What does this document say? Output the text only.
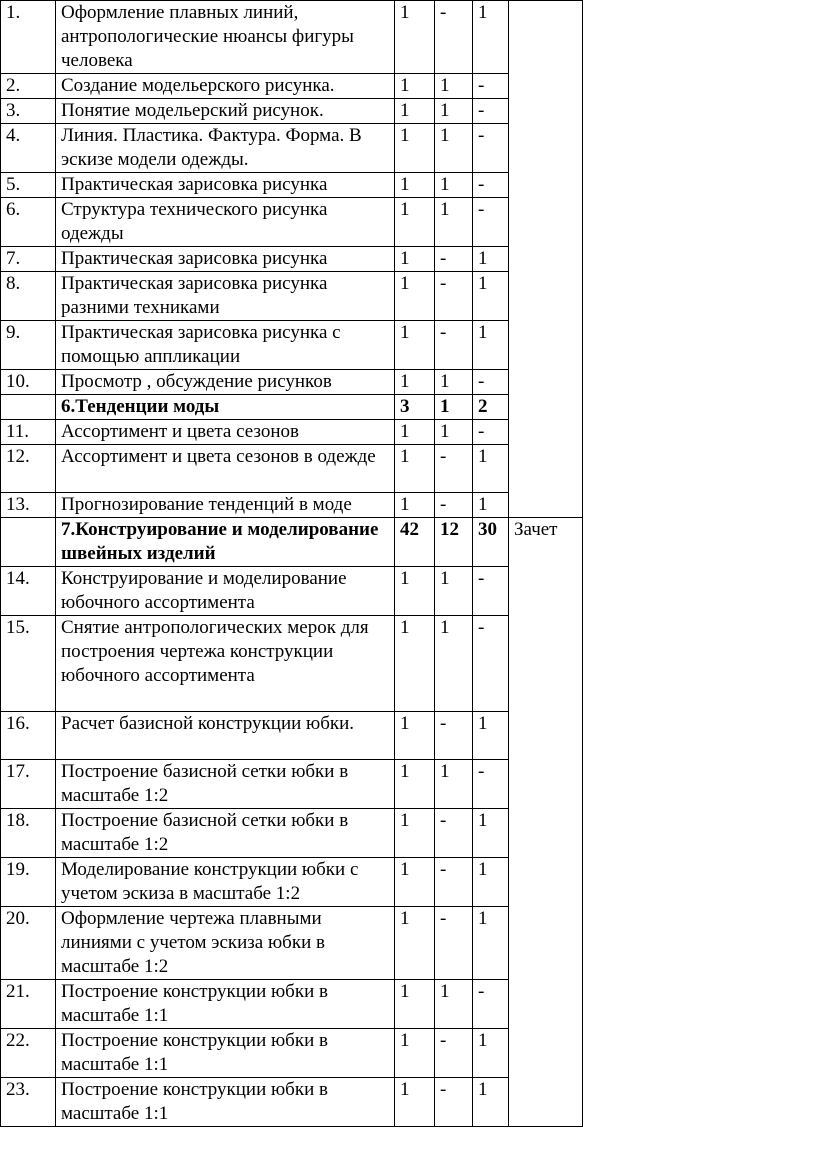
1.	Оформление плавных линий, антропологические нюансы фигуры человека	1	-	1	
2.	Создание модельерского рисунка.	1	1	-	
3.	Понятие модельерский рисунок.	1	1	-	
4.	Линия. Пластика. Фактура. Форма. В эскизе модели одежды.	1	1	-	
5.	Практическая зарисовка рисунка	1	1	-	
6.	Структура технического рисунка одежды	1	1	-	
7.	Практическая зарисовка рисунка	1	-	1	
8.	Практическая зарисовка рисунка разними техниками	1	-	1	
9.	Практическая зарисовка рисунка с помощью аппликации	1	-	1	
10.	Просмотр , обсуждение рисунков	1	1	-	
	6.Тенденции моды	3	1	2	
11.	Ассортимент и цвета сезонов	1	1	-	
12.	Ассортимент и цвета сезонов в одежде	1	-	1	
13.	Прогнозирование тенденций в моде	1	-	1	
	7.Конструирование и моделирование швейных изделий	42	12	30	Зачет
14.	Конструирование и моделирование юбочного ассортимента	1	1	-	
15.	Снятие антропологических мерок для построения чертежа конструкции юбочного ассортимента	1	1	-	
16.	Расчет базисной конструкции юбки.	1	-	1	
17.	Построение базисной сетки юбки в масштабе 1:2	1	1	-	
18.	Построение базисной сетки юбки в масштабе 1:2	1	-	1	
19.	Моделирование конструкции юбки с учетом эскиза в масштабе 1:2	1	-	1	
20.	Оформление чертежа плавными линиями с учетом эскиза юбки в масштабе 1:2	1	-	1	
21.	Построение конструкции юбки в масштабе 1:1	1	1	-	
22.	Построение конструкции юбки в масштабе 1:1	1	-	1	
23.	Построение конструкции юбки в масштабе 1:1	1	-	1	
